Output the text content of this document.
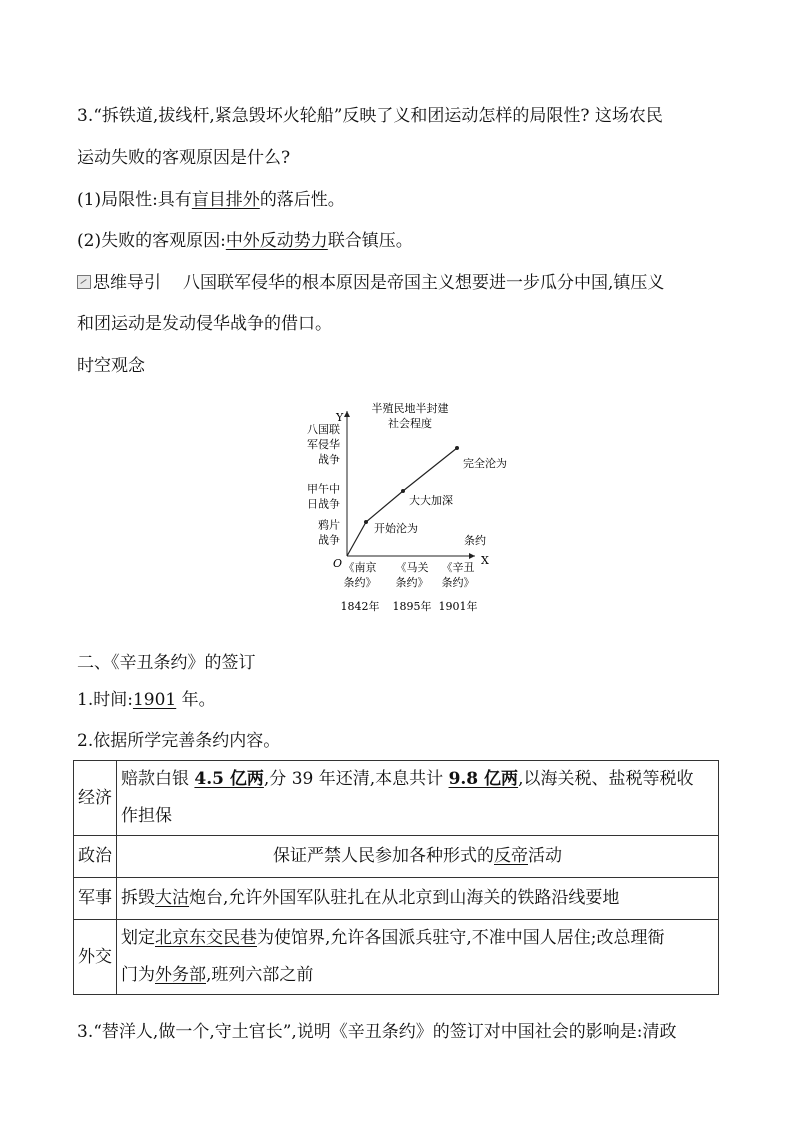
3.“拆铁道,拔线杆,紧急毁坏火轮船”反映了义和团运动怎样的局限性? 这场农民

运动失败的客观原因是什么?

(1)局限性:具有盲目排外的落后性。

(2)失败的客观原因:中外反动势力联合镇压。

思维导引 八国联军侵华的根本原因是帝国主义想要进一步瓜分中国,镇压义

和团运动是发动侵华战争的借口。

时空观念

Y
X
O
半殖民地半封建
社会程度
鸦片
战争
甲午中
日战争
八国联
军侵华
战争
《南京
条约》
1842年
《马关
条约》
1895年
《辛丑
条约》
1901年
条约
开始沦为
大大加深
完全沦为
二、《辛丑条约》的签订

1.时间:1901 年。

2.依据所学完善条约内容。

经济	赔款白银 4.5 亿两,分 39 年还清,本息共计 9.8 亿两,以海关税、盐税等税收
作担保
政治	保证严禁人民参加各种形式的反帝活动
军事	拆毁大沽炮台,允许外国军队驻扎在从北京到山海关的铁路沿线要地
外交	划定北京东交民巷为使馆界,允许各国派兵驻守,不准中国人居住;改总理衙
门为外务部,班列六部之前

3.“替洋人,做一个,守土官长”,说明《辛丑条约》的签订对中国社会的影响是:清政
